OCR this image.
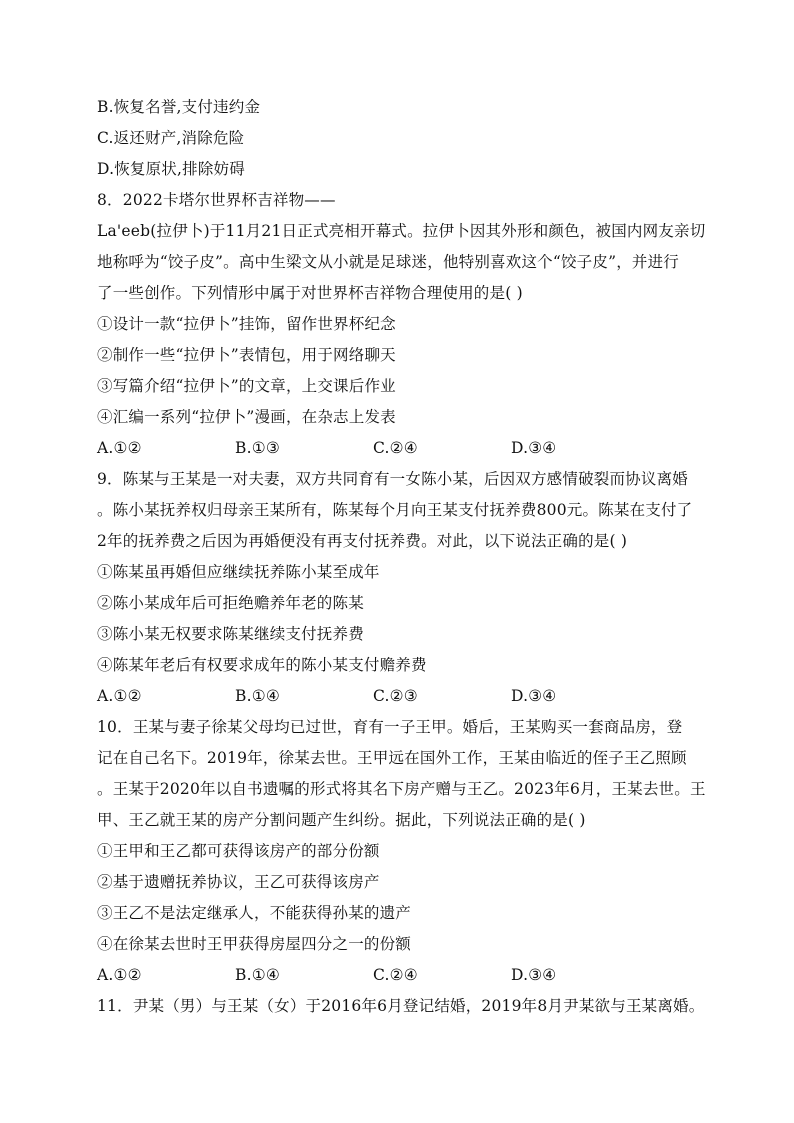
B.恢复名誉,支付违约金
C.返还财产,消除危险
D.恢复原状,排除妨碍
8．2022卡塔尔世界杯吉祥物——
La'eeb(拉伊卜)于11月21日正式亮相开幕式。拉伊卜因其外形和颜色，被国内网友亲切
地称呼为“饺子皮”。高中生梁文从小就是足球迷，他特别喜欢这个“饺子皮”，并进行
了一些创作。下列情形中属于对世界杯吉祥物合理使用的是( )
①设计一款“拉伊卜”挂饰，留作世界杯纪念
②制作一些“拉伊卜”表情包，用于网络聊天
③写篇介绍“拉伊卜”的文章，上交课后作业
④汇编一系列“拉伊卜”漫画，在杂志上发表
A.①②	B.①③	C.②④	D.③④
9．陈某与王某是一对夫妻，双方共同育有一女陈小某，后因双方感情破裂而协议离婚
。陈小某抚养权归母亲王某所有，陈某每个月向王某支付抚养费800元。陈某在支付了
2年的抚养费之后因为再婚便没有再支付抚养费。对此，以下说法正确的是( )
①陈某虽再婚但应继续抚养陈小某至成年
②陈小某成年后可拒绝赡养年老的陈某
③陈小某无权要求陈某继续支付抚养费
④陈某年老后有权要求成年的陈小某支付赡养费
A.①②	B.①④	C.②③	D.③④
10．王某与妻子徐某父母均已过世，育有一子王甲。婚后，王某购买一套商品房，登
记在自己名下。2019年，徐某去世。王甲远在国外工作，王某由临近的侄子王乙照顾
。王某于2020年以自书遗嘱的形式将其名下房产赠与王乙。2023年6月，王某去世。王
甲、王乙就王某的房产分割问题产生纠纷。据此，下列说法正确的是( )
①王甲和王乙都可获得该房产的部分份额
②基于遗赠抚养协议，王乙可获得该房产
③王乙不是法定继承人，不能获得孙某的遗产
④在徐某去世时王甲获得房屋四分之一的份额
A.①②	B.①④	C.②④	D.③④
11．尹某（男）与王某（女）于2016年6月登记结婚，2019年8月尹某欲与王某离婚。
